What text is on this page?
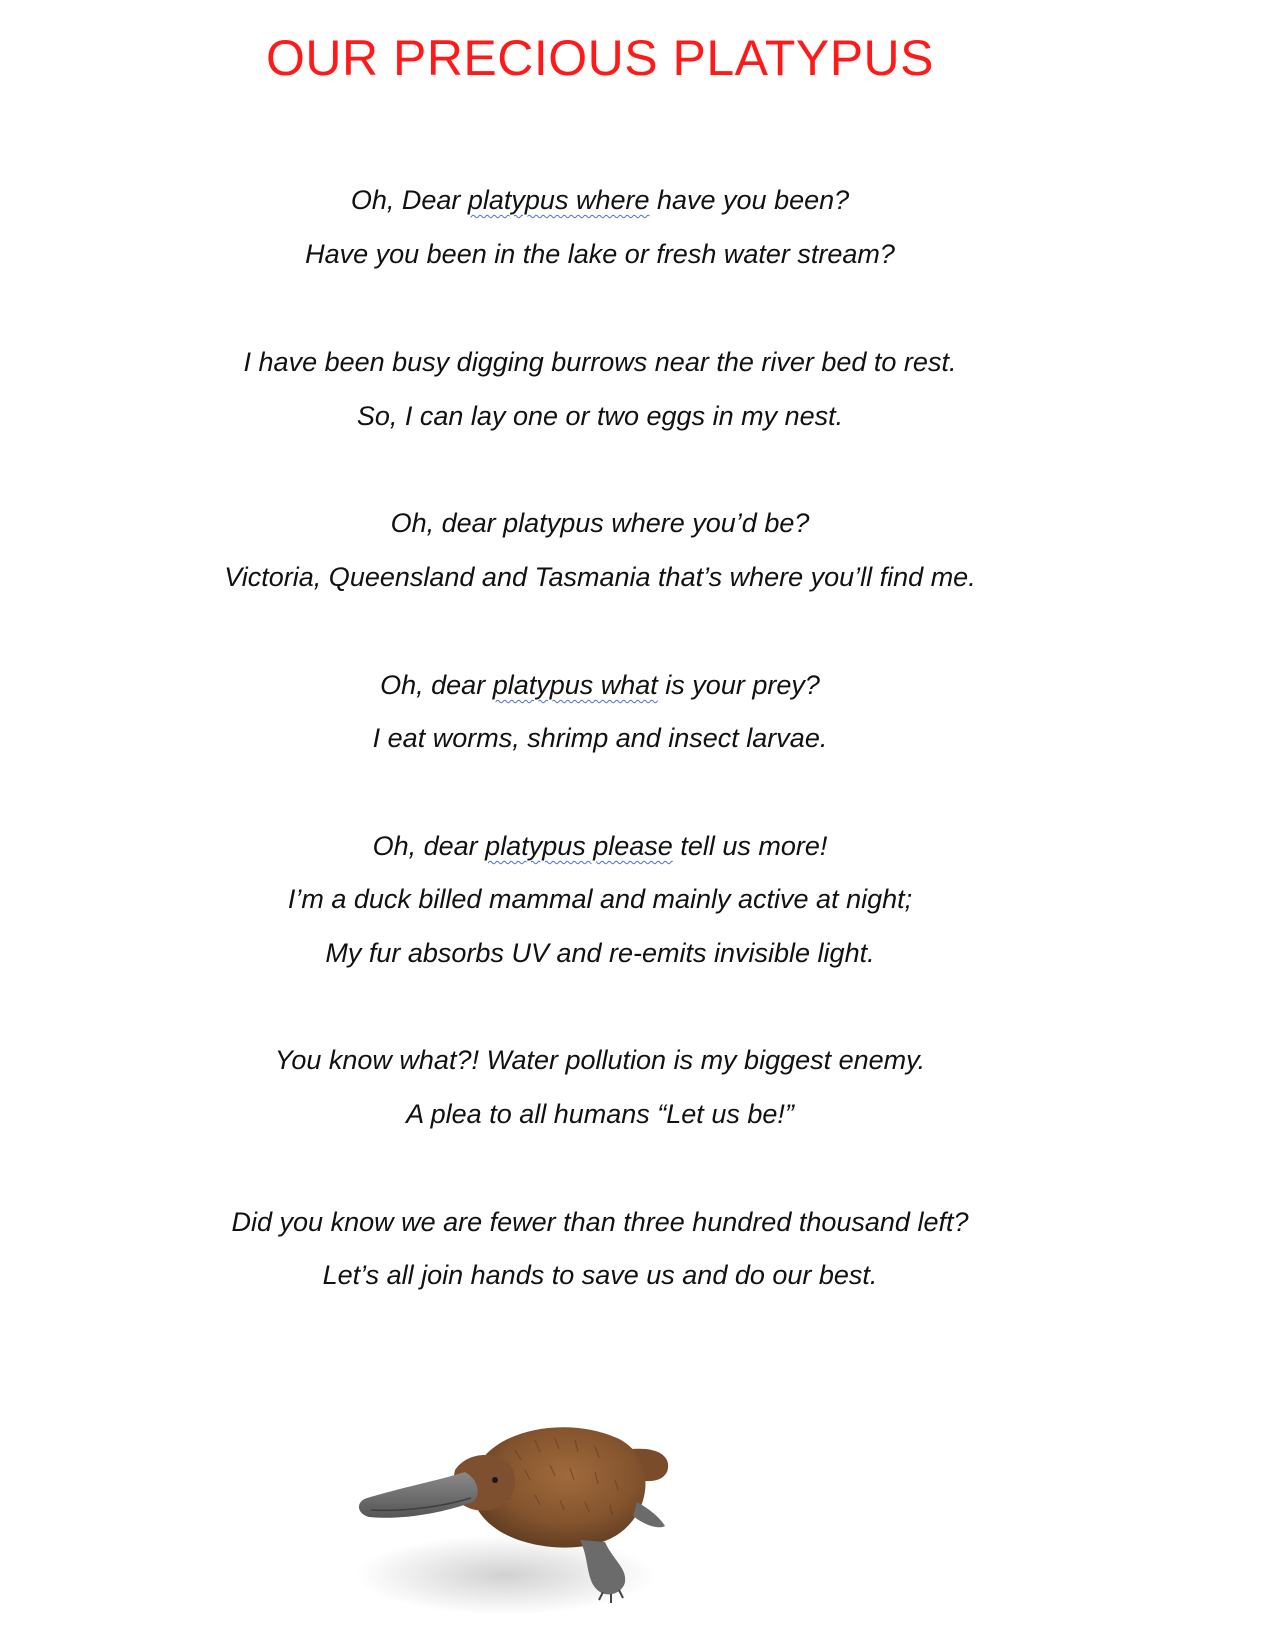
OUR PRECIOUS PLATYPUS
Oh, Dear platypus where have you been?
Have you been in the lake or fresh water stream?
I have been busy digging burrows near the river bed to rest.
So, I can lay one or two eggs in my nest.
Oh, dear platypus where you’d be?
Victoria, Queensland and Tasmania that’s where you’ll find me.
Oh, dear platypus what is your prey?
I eat worms, shrimp and insect larvae.
Oh, dear platypus please tell us more!
I’m a duck billed mammal and mainly active at night;
My fur absorbs UV and re-emits invisible light.
You know what?! Water pollution is my biggest enemy.
A plea to all humans “Let us be!”
Did you know we are fewer than three hundred thousand left?
Let’s all join hands to save us and do our best.
